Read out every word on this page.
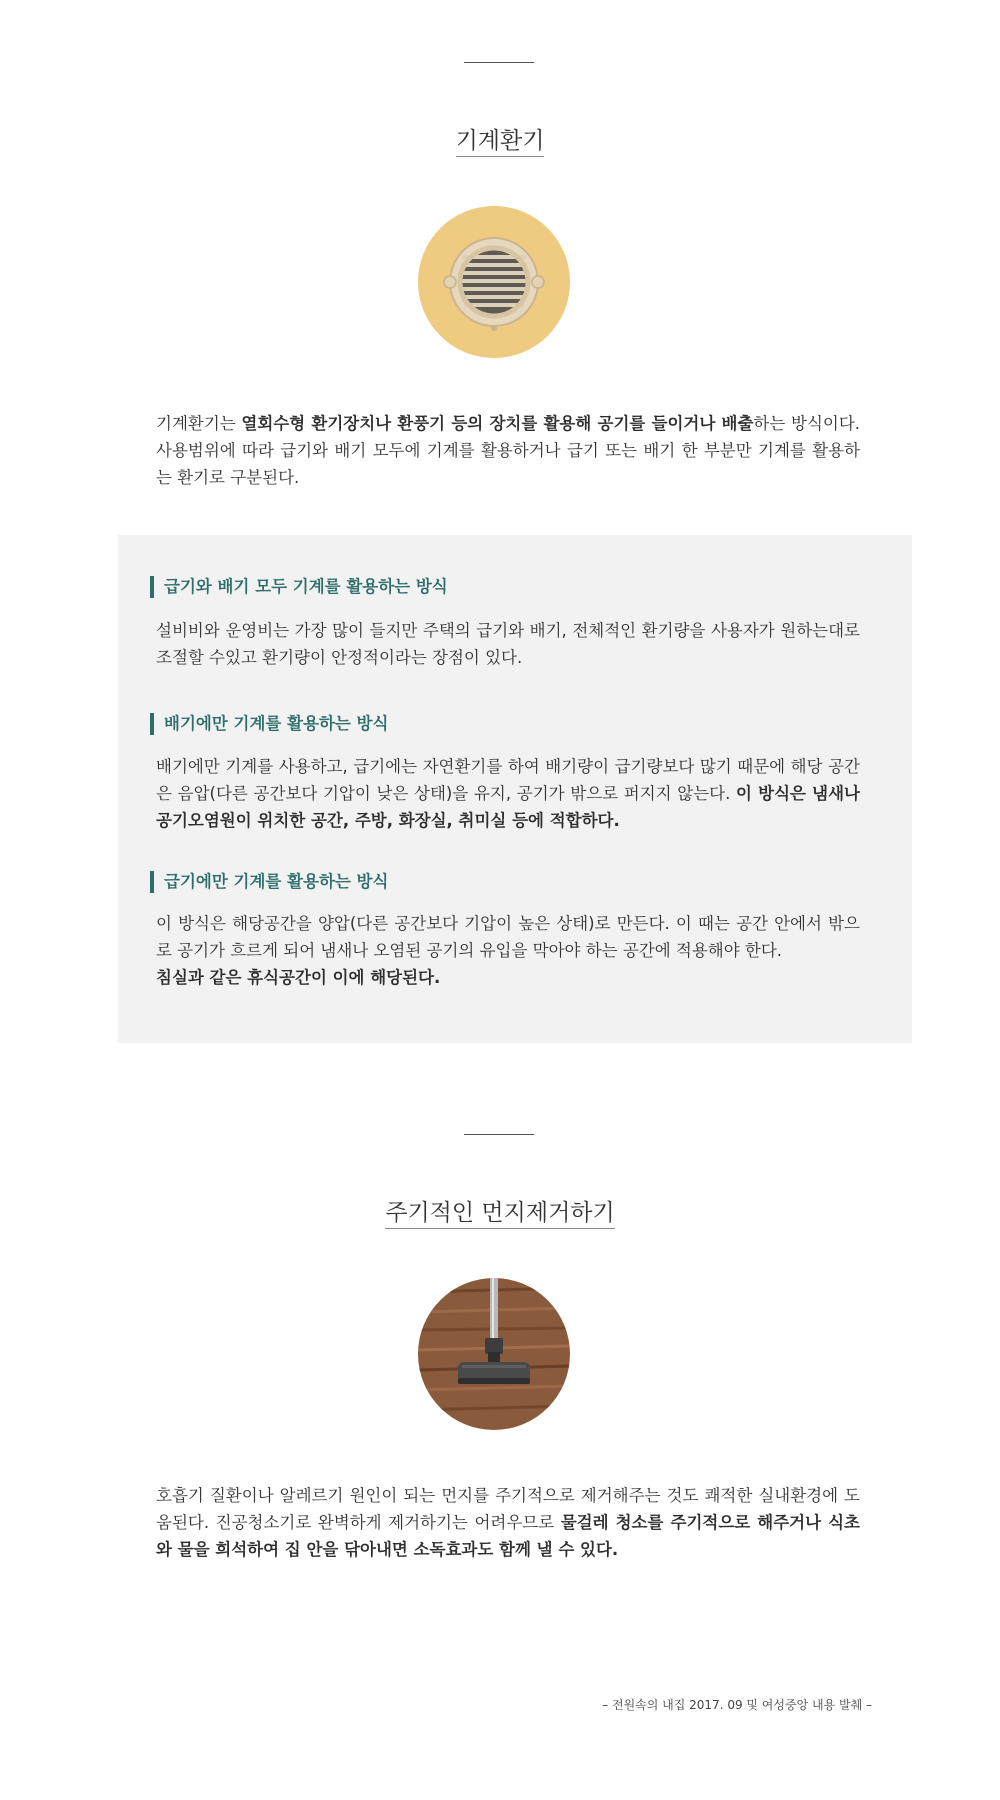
기계환기

기계환기는 열회수형 환기장치나 환풍기 등의 장치를 활용해 공기를 들이거나 배출하는 방식이다. 사용범위에 따라 급기와 배기 모두에 기계를 활용하거나 급기 또는 배기 한 부분만 기계를 활용하는 환기로 구분된다.

급기와 배기 모두 기계를 활용하는 방식

설비비와 운영비는 가장 많이 들지만 주택의 급기와 배기, 전체적인 환기량을 사용자가 원하는대로 조절할 수있고 환기량이 안정적이라는 장점이 있다.

배기에만 기계를 활용하는 방식

배기에만 기계를 사용하고, 급기에는 자연환기를 하여 배기량이 급기량보다 많기 때문에 해당 공간은 음압(다른 공간보다 기압이 낮은 상태)을 유지, 공기가 밖으로 퍼지지 않는다. 이 방식은 냄새나 공기오염원이 위치한 공간, 주방, 화장실, 취미실 등에 적합하다.

급기에만 기계를 활용하는 방식

이 방식은 해당공간을 양압(다른 공간보다 기압이 높은 상태)로 만든다. 이 때는 공간 안에서 밖으로 공기가 흐르게 되어 냄새나 오염된 공기의 유입을 막아야 하는 공간에 적용해야 한다.
침실과 같은 휴식공간이 이에 해당된다.

주기적인 먼지제거하기

호흡기 질환이나 알레르기 원인이 되는 먼지를 주기적으로 제거해주는 것도 쾌적한 실내환경에 도움된다. 진공청소기로 완벽하게 제거하기는 어려우므로 물걸레 청소를 주기적으로 해주거나 식초와 물을 희석하여 집 안을 닦아내면 소독효과도 함께 낼 수 있다.

– 전원속의 내집 2017. 09 및 여성중앙 내용 발췌 –
